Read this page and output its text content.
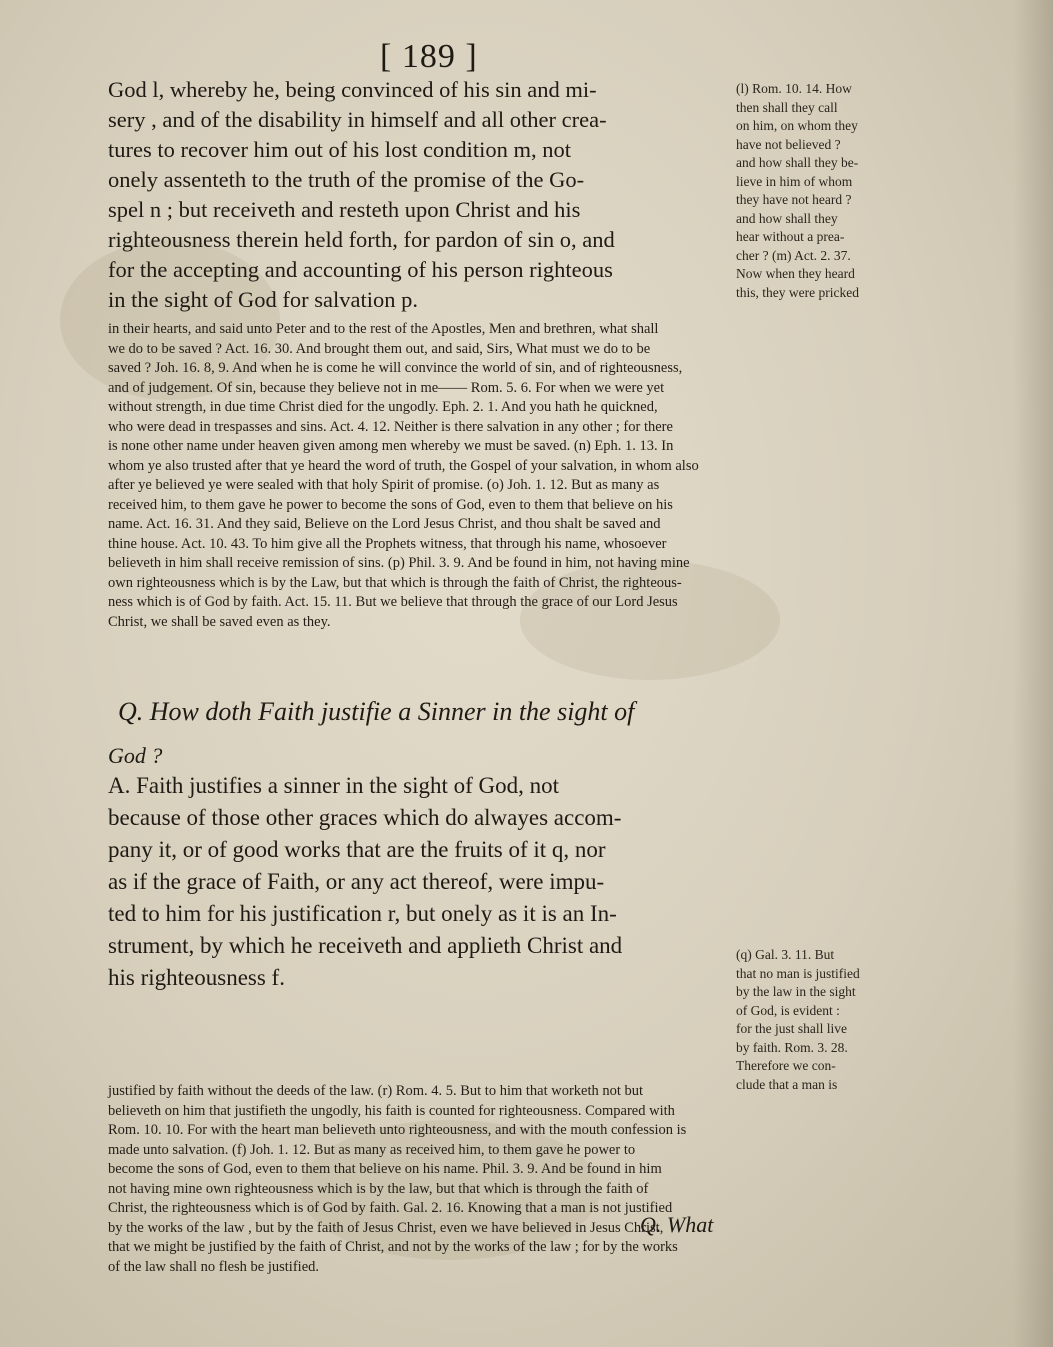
[ 189 ]
God l, whereby he, being convinced of his sin and mi-
sery , and of the disability in himself and all other crea-
tures to recover him out of his lost condition m, not
onely assenteth to the truth of the promise of the Go-
spel n ; but receiveth and resteth upon Christ and his
righteousness therein held forth, for pardon of sin o, and
for the accepting and accounting of his person righteous
in the sight of God for salvation p.
(l) Rom. 10. 14. How
then shall they call
on him, on whom they
have not believed ?
and how shall they be-
lieve in him of whom
they have not heard ?
and how shall they
hear without a prea-
cher ? (m) Act. 2. 37.
Now when they heard
this, they were pricked
in their hearts, and said unto Peter and to the rest of the Apostles, Men and brethren, what shall
we do to be saved ? Act. 16. 30. And brought them out, and said, Sirs, What must we do to be
saved ? Joh. 16. 8, 9. And when he is come he will convince the world of sin, and of righteousness,
and of judgement. Of sin, because they believe not in me—— Rom. 5. 6. For when we were yet
without strength, in due time Christ died for the ungodly. Eph. 2. 1. And you hath he quickned,
who were dead in trespasses and sins. Act. 4. 12. Neither is there salvation in any other ; for there
is none other name under heaven given among men whereby we must be saved. (n) Eph. 1. 13. In
whom ye also trusted after that ye heard the word of truth, the Gospel of your salvation, in whom also
after ye believed ye were sealed with that holy Spirit of promise. (o) Joh. 1. 12. But as many as
received him, to them gave he power to become the sons of God, even to them that believe on his
name. Act. 16. 31. And they said, Believe on the Lord Jesus Christ, and thou shalt be saved and
thine house. Act. 10. 43. To him give all the Prophets witness, that through his name, whosoever
believeth in him shall receive remission of sins. (p) Phil. 3. 9. And be found in him, not having mine
own righteousness which is by the Law, but that which is through the faith of Christ, the righteous-
ness which is of God by faith. Act. 15. 11. But we believe that through the grace of our Lord Jesus
Christ, we shall be saved even as they.
Q. How doth Faith justifie a Sinner in the sight of
God ?
A. Faith justifies a sinner in the sight of God, not
because of those other graces which do alwayes accom-
pany it, or of good works that are the fruits of it q, nor
as if the grace of Faith, or any act thereof, were impu-
ted to him for his justification r, but onely as it is an In-
strument, by which he receiveth and applieth Christ and
his righteousness f.
(q) Gal. 3. 11. But
that no man is justified
by the law in the sight
of God, is evident :
for the just shall live
by faith. Rom. 3. 28.
Therefore we con-
clude that a man is
justified by faith without the deeds of the law. (r) Rom. 4. 5. But to him that worketh not but
believeth on him that justifieth the ungodly, his faith is counted for righteousness. Compared with
Rom. 10. 10. For with the heart man believeth unto righteousness, and with the mouth confession is
made unto salvation. (f) Joh. 1. 12. But as many as received him, to them gave he power to
become the sons of God, even to them that believe on his name. Phil. 3. 9. And be found in him
not having mine own righteousness which is by the law, but that which is through the faith of
Christ, the righteousness which is of God by faith. Gal. 2. 16. Knowing that a man is not justified
by the works of the law , but by the faith of Jesus Christ, even we have believed in Jesus Christ,
that we might be justified by the faith of Christ, and not by the works of the law ; for by the works
of the law shall no flesh be justified.
Q. What
